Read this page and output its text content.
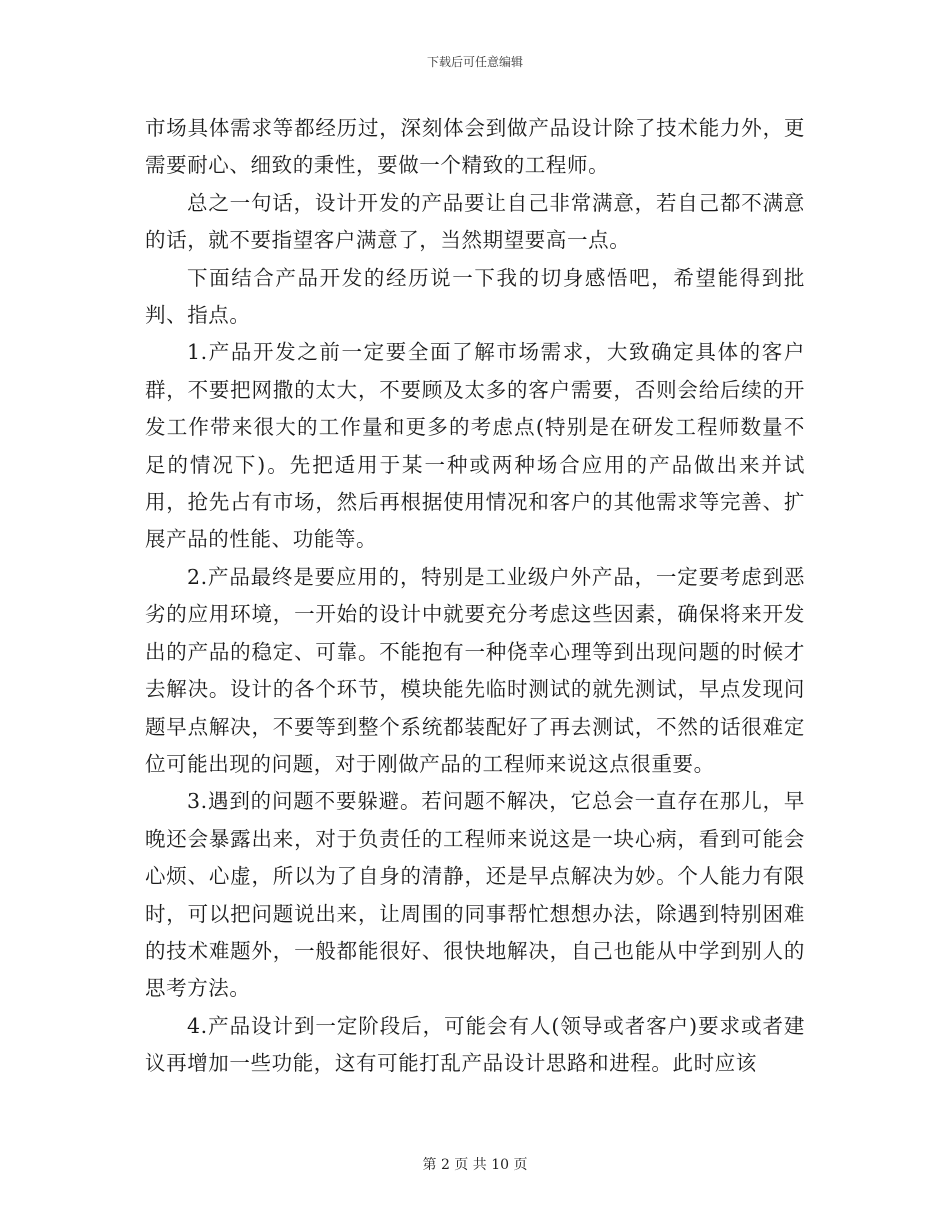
下载后可任意编辑

市场具体需求等都经历过，深刻体会到做产品设计除了技术能力外，更需要耐心、细致的秉性，要做一个精致的工程师。

总之一句话，设计开发的产品要让自己非常满意，若自己都不满意的话，就不要指望客户满意了，当然期望要高一点。

下面结合产品开发的经历说一下我的切身感悟吧，希望能得到批判、指点。

1.产品开发之前一定要全面了解市场需求，大致确定具体的客户群，不要把网撒的太大，不要顾及太多的客户需要，否则会给后续的开发工作带来很大的工作量和更多的考虑点(特别是在研发工程师数量不足的情况下)。先把适用于某一种或两种场合应用的产品做出来并试用，抢先占有市场，然后再根据使用情况和客户的其他需求等完善、扩展产品的性能、功能等。

2.产品最终是要应用的，特别是工业级户外产品，一定要考虑到恶劣的应用环境，一开始的设计中就要充分考虑这些因素，确保将来开发出的产品的稳定、可靠。不能抱有一种侥幸心理等到出现问题的时候才去解决。设计的各个环节，模块能先临时测试的就先测试，早点发现问题早点解决，不要等到整个系统都装配好了再去测试，不然的话很难定位可能出现的问题，对于刚做产品的工程师来说这点很重要。

3.遇到的问题不要躲避。若问题不解决，它总会一直存在那儿，早晚还会暴露出来，对于负责任的工程师来说这是一块心病，看到可能会心烦、心虚，所以为了自身的清静，还是早点解决为妙。个人能力有限时，可以把问题说出来，让周围的同事帮忙想想办法，除遇到特别困难的技术难题外，一般都能很好、很快地解决，自己也能从中学到别人的思考方法。

4.产品设计到一定阶段后，可能会有人(领导或者客户)要求或者建议再增加一些功能，这有可能打乱产品设计思路和进程。此时应该

第 2 页 共 10 页
